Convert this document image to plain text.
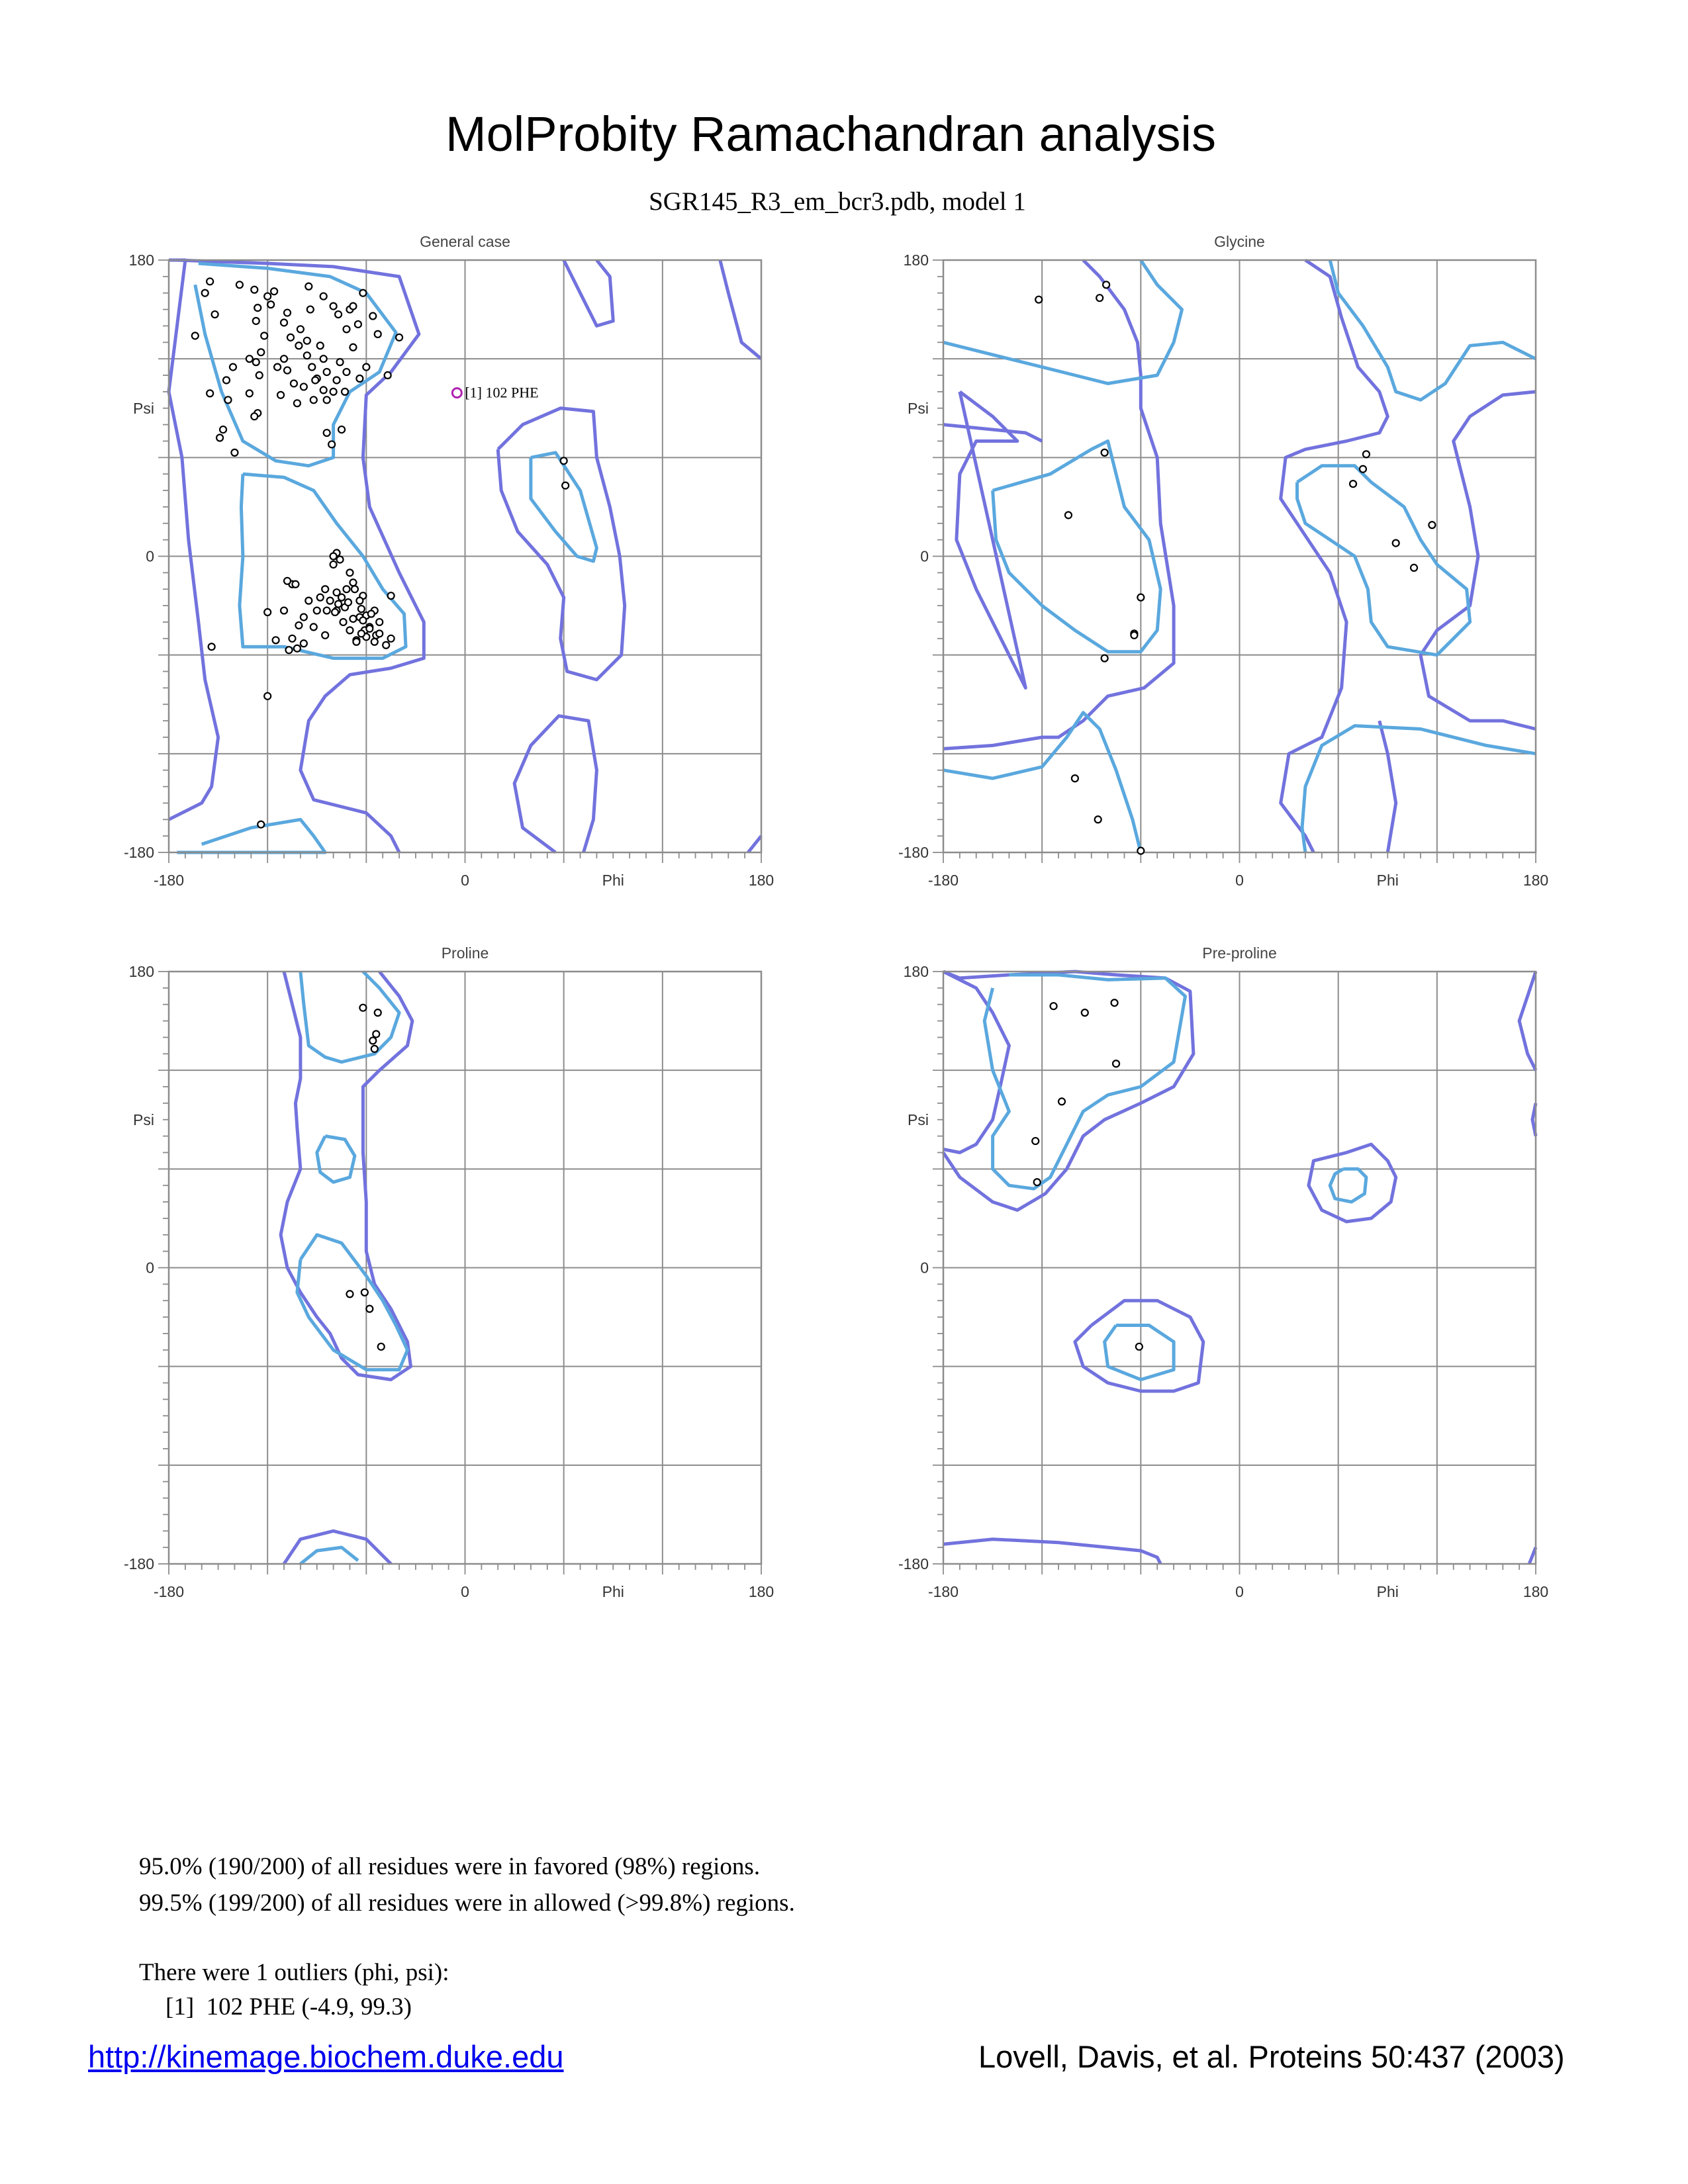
MolProbity Ramachandran analysis
SGR145_R3_em_bcr3.pdb, model 1
General case
180
0
-180
Psi
-180	0	Phi	180
[1] 102 PHE
Glycine
180
0
-180
Psi
-180	0	Phi	180
Proline
180
0
-180
Psi
-180	0	Phi	180
Pre-proline
180
0
-180
Psi
-180	0	Phi	180
95.0% (190/200) of all residues were in favored (98%) regions.
99.5% (199/200) of all residues were in allowed (>99.8%) regions.
There were 1 outliers (phi, psi):
[1]  102 PHE (-4.9, 99.3)
http://kinemage.biochem.duke.edu	Lovell, Davis, et al. Proteins 50:437 (2003)
